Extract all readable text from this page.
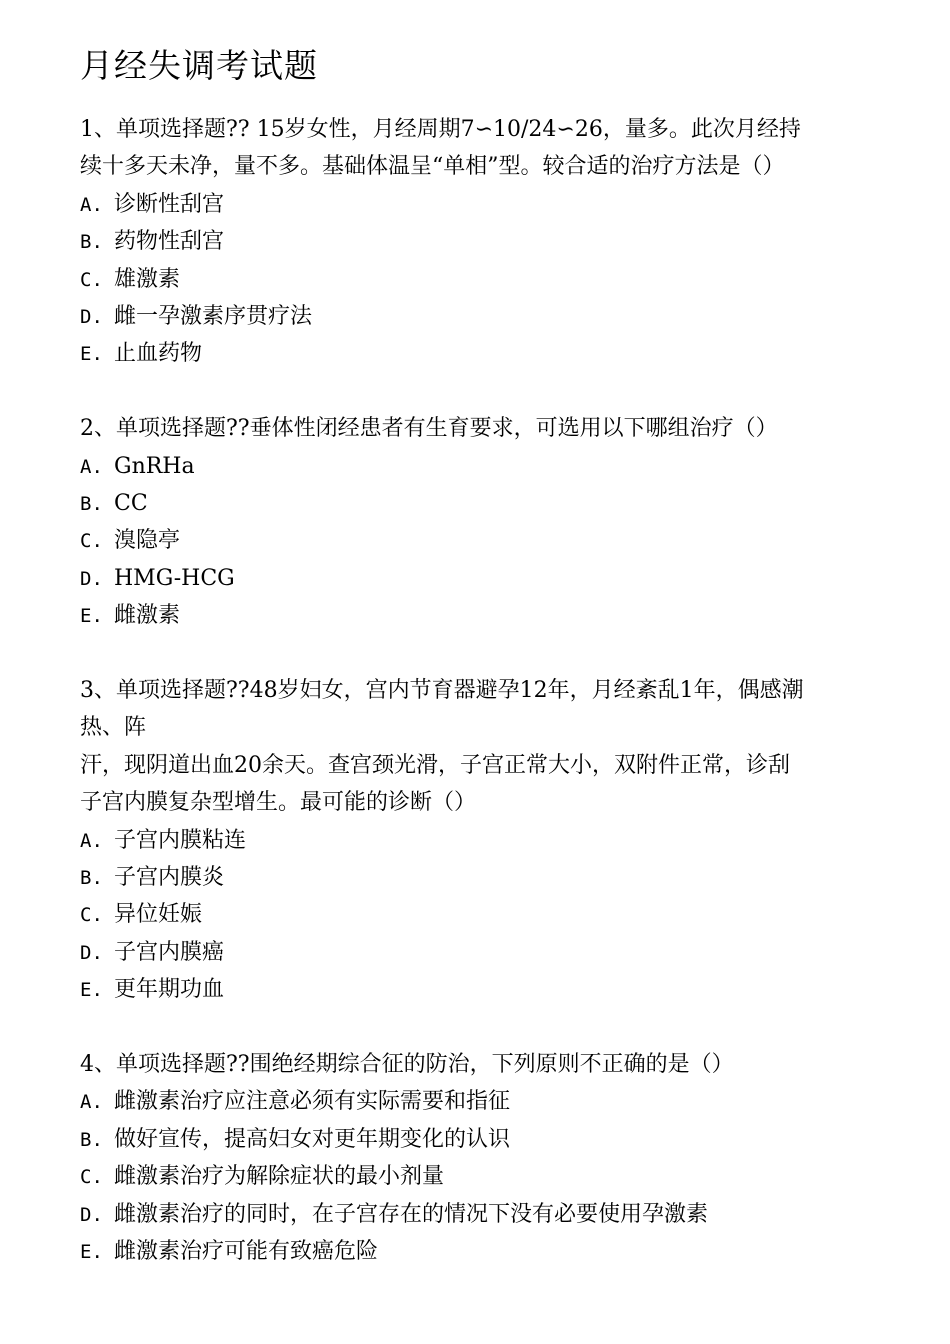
月经失调考试题
1、单项选择题?? 15岁女性，月经周期7∽10/24∽26，量多。此次月经持
续十多天未净，量不多。基础体温呈“单相”型。较合适的治疗方法是（）
A. 诊断性刮宫
B. 药物性刮宫
C. 雄激素
D. 雌一孕激素序贯疗法
E. 止血药物
2、单项选择题??垂体性闭经患者有生育要求，可选用以下哪组治疗（）
A. GnRHa
B. CC
C. 溴隐亭
D. HMG-HCG
E. 雌激素
3、单项选择题??48岁妇女，宫内节育器避孕12年，月经紊乱1年，偶感潮
热、阵
汗，现阴道出血20余天。查宫颈光滑，子宫正常大小，双附件正常，诊刮
子宫内膜复杂型增生。最可能的诊断（）
A. 子宫内膜粘连
B. 子宫内膜炎
C. 异位妊娠
D. 子宫内膜癌
E. 更年期功血
4、单项选择题??围绝经期综合征的防治，下列原则不正确的是（）
A. 雌激素治疗应注意必须有实际需要和指征
B. 做好宣传，提高妇女对更年期变化的认识
C. 雌激素治疗为解除症状的最小剂量
D. 雌激素治疗的同时，在子宫存在的情况下没有必要使用孕激素
E. 雌激素治疗可能有致癌危险
